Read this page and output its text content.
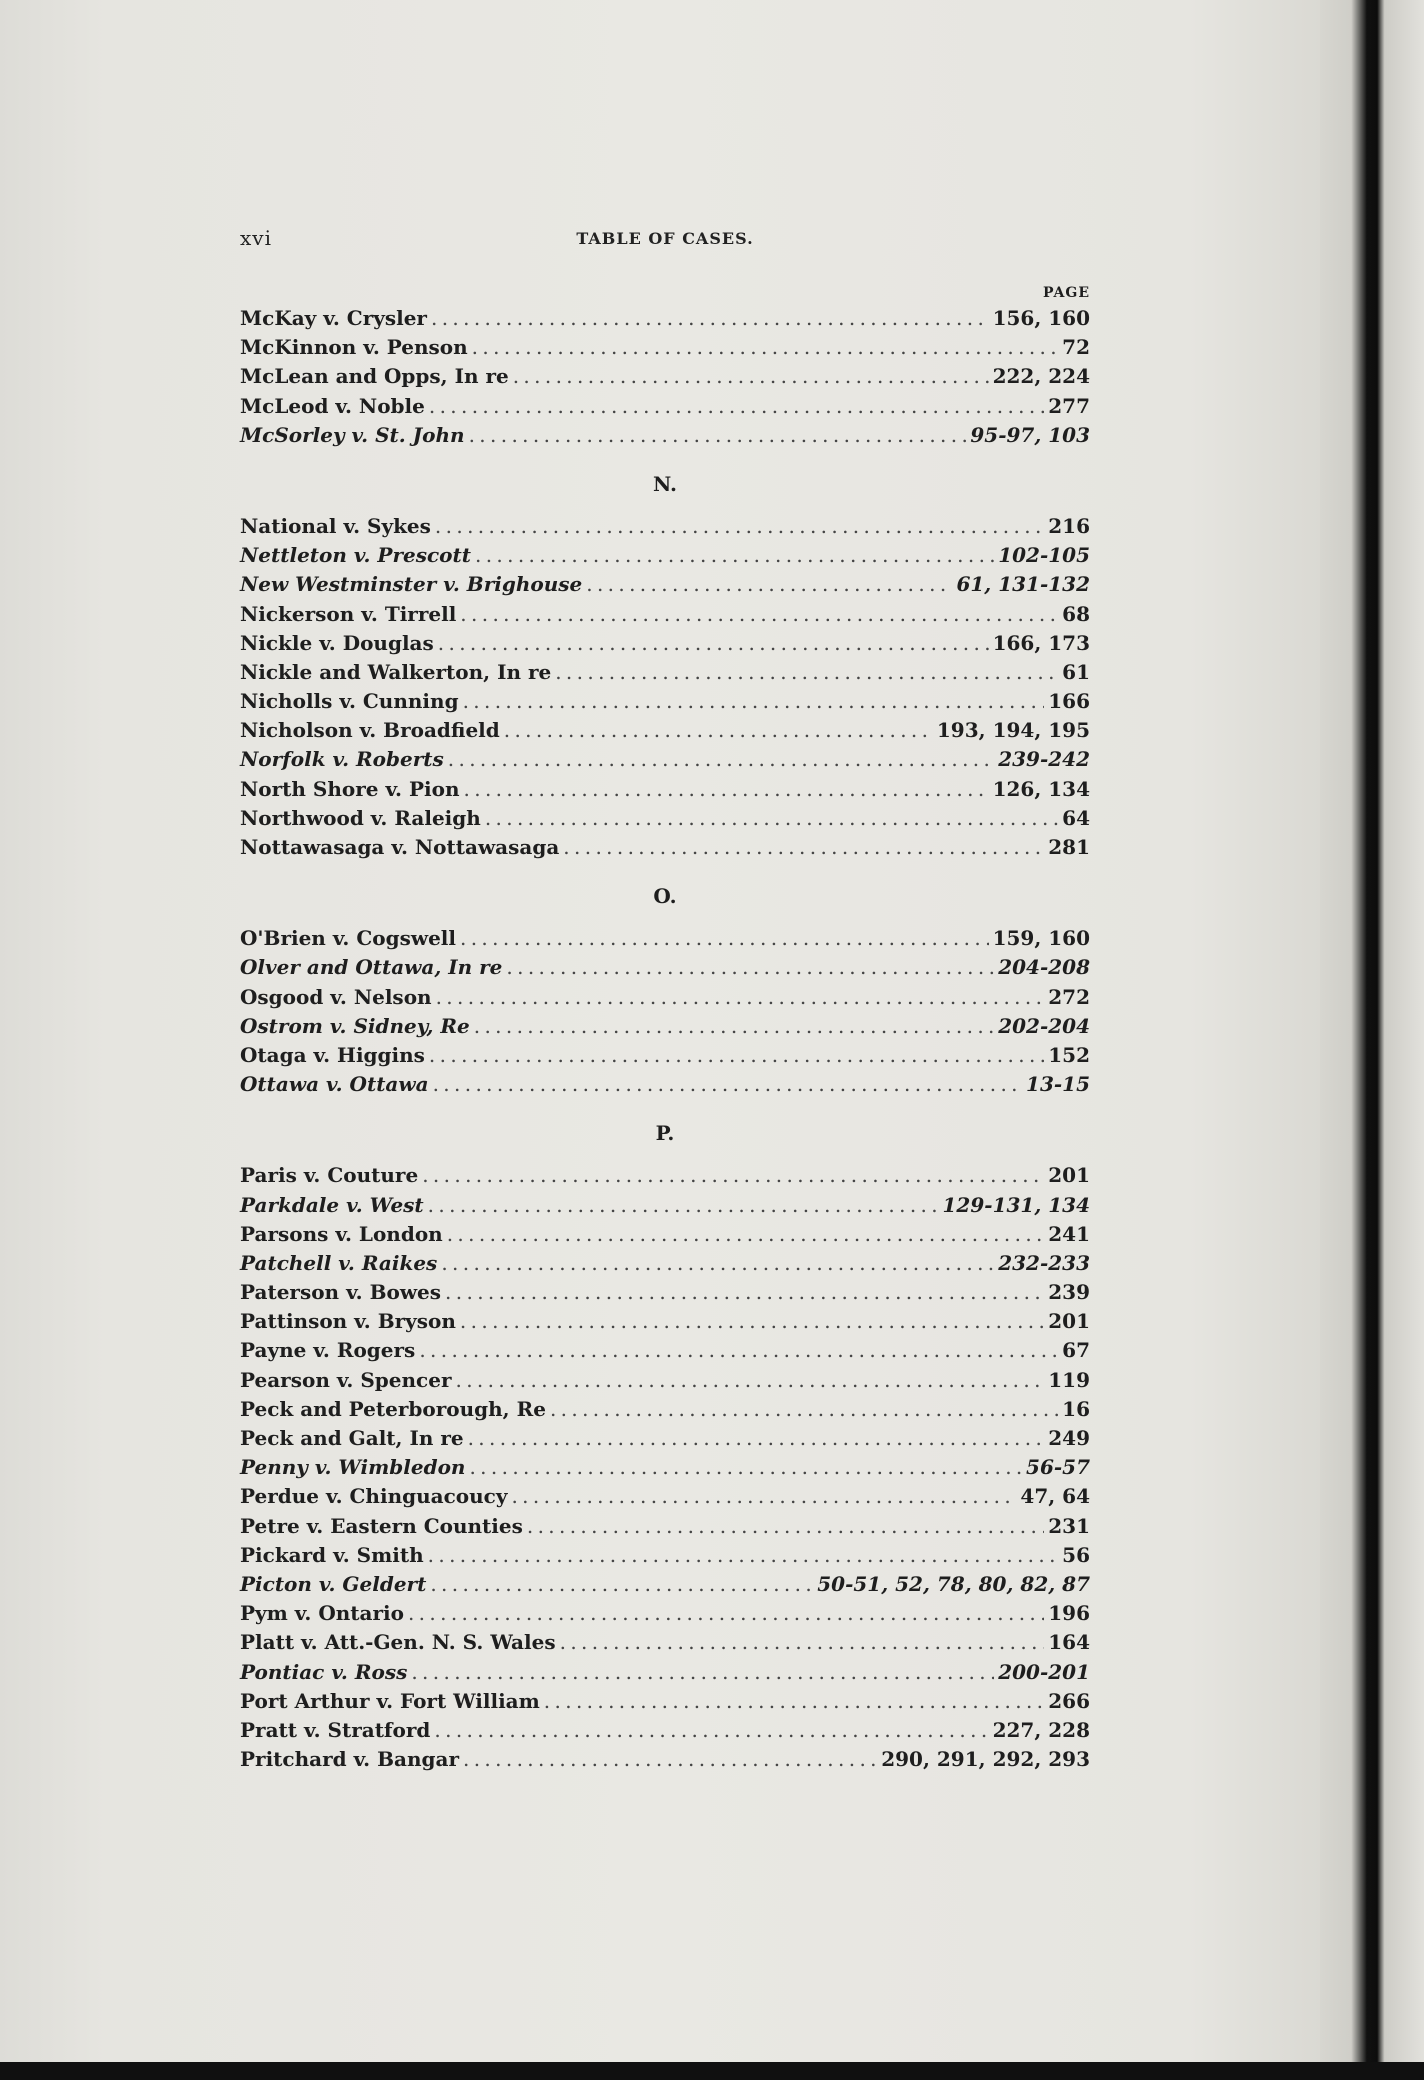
xvi	TABLE OF CASES.
PAGE
McKay v. Crysler . . .	156, 160
McKinnon v. Penson . . .	72
McLean and Opps, In re . . .	222, 224
McLeod v. Noble . . .	277
McSorley v. St. John . . .	95-97, 103
N.
National v. Sykes . . .	216
Nettleton v. Prescott . . .	102-105
New Westminster v. Brighouse . . .	61, 131-132
Nickerson v. Tirrell . . .	68
Nickle v. Douglas . . .	166, 173
Nickle and Walkerton, In re . . .	61
Nicholls v. Cunning . . .	166
Nicholson v. Broadfield . . .	193, 194, 195
Norfolk v. Roberts . . .	239-242
North Shore v. Pion . . .	126, 134
Northwood v. Raleigh . . .	64
Nottawasaga v. Nottawasaga . . .	281
O.
O'Brien v. Cogswell . . .	159, 160
Olver and Ottawa, In re . . .	204-208
Osgood v. Nelson . . .	272
Ostrom v. Sidney, Re . . .	202-204
Otaga v. Higgins . . .	152
Ottawa v. Ottawa . . .	13-15
P.
Paris v. Couture . . .	201
Parkdale v. West . . .	129-131, 134
Parsons v. London . . .	241
Patchell v. Raikes . . .	232-233
Paterson v. Bowes . . .	239
Pattinson v. Bryson . . .	201
Payne v. Rogers . . .	67
Pearson v. Spencer . . .	119
Peck and Peterborough, Re . . .	16
Peck and Galt, In re . . .	249
Penny v. Wimbledon . . .	56-57
Perdue v. Chinguacoucy . . .	47, 64
Petre v. Eastern Counties . . .	231
Pickard v. Smith . . .	56
Picton v. Geldert . . .	50-51, 52, 78, 80, 82, 87
Pym v. Ontario . . .	196
Platt v. Att.-Gen. N. S. Wales . . .	164
Pontiac v. Ross . . .	200-201
Port Arthur v. Fort William . . .	266
Pratt v. Stratford . . .	227, 228
Pritchard v. Bangar . . .	290, 291, 292, 293
